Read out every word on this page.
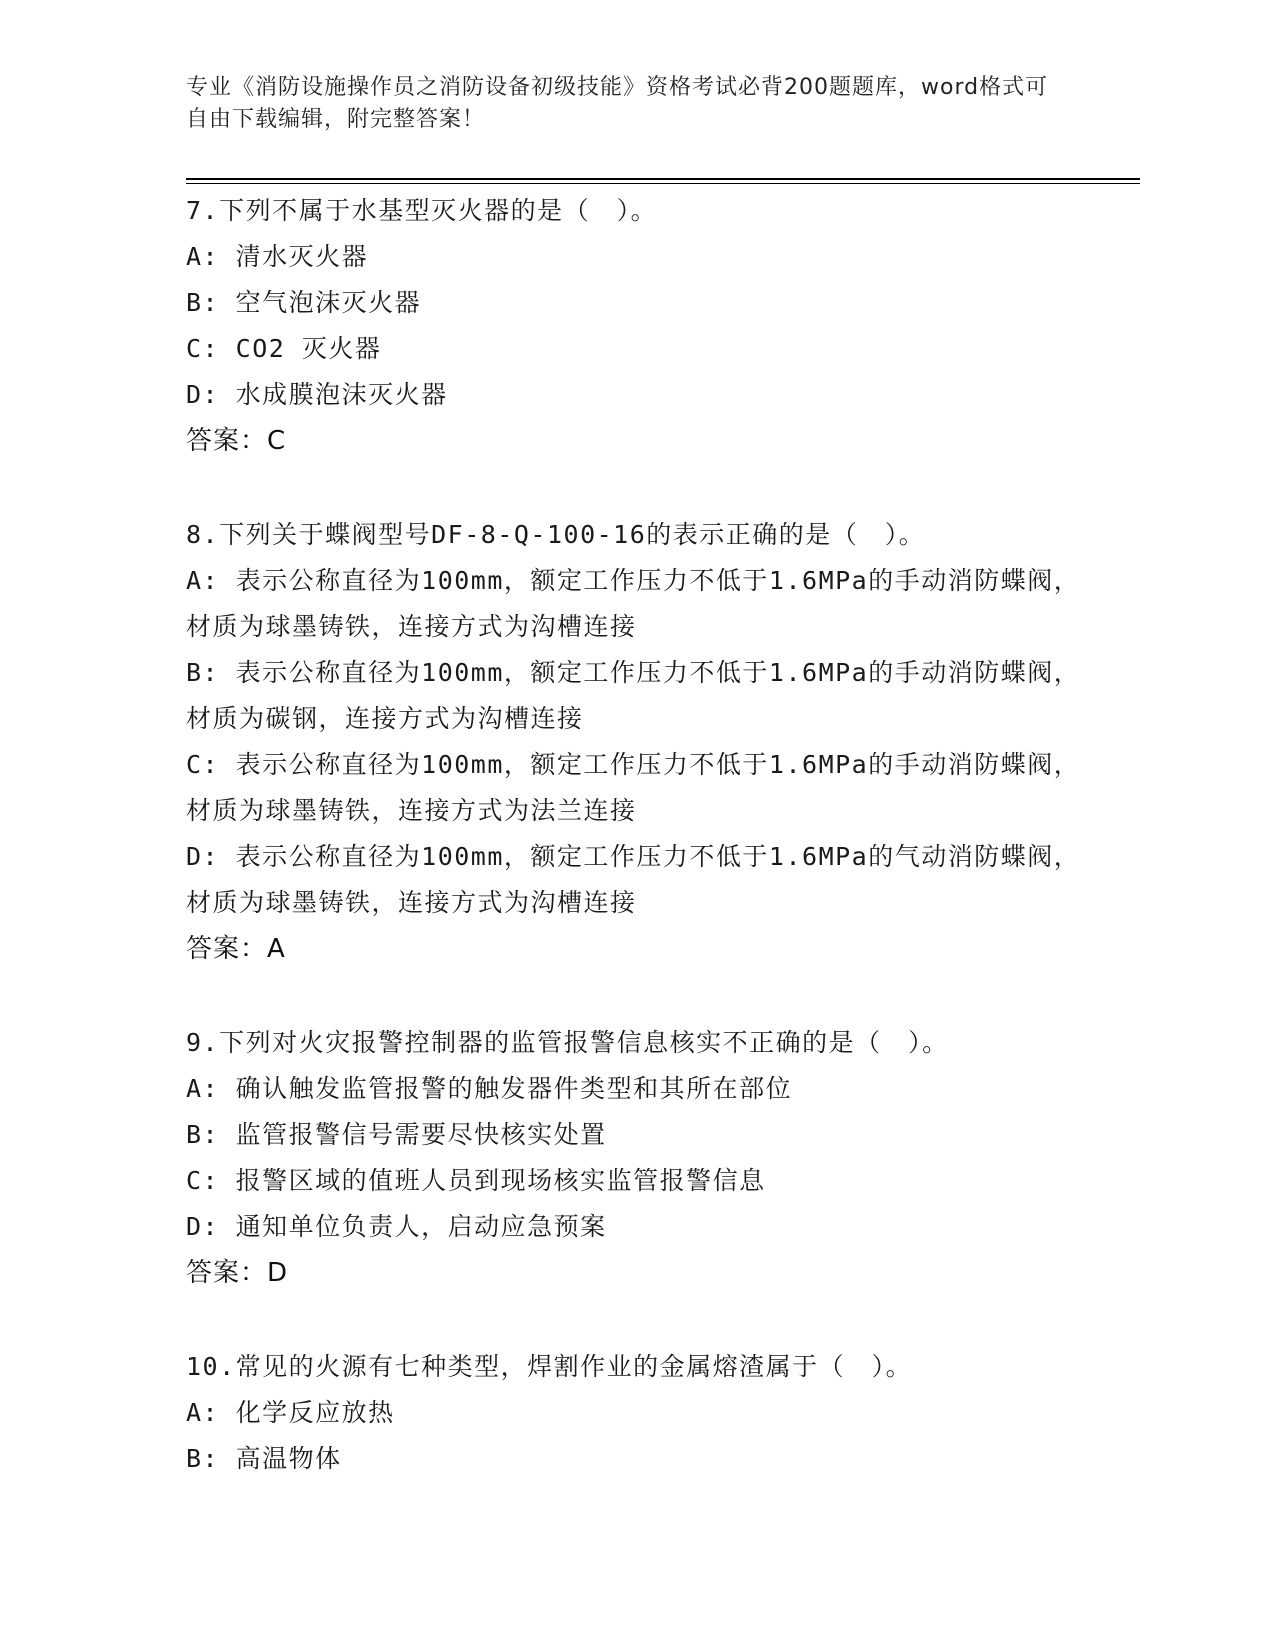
专业《消防设施操作员之消防设备初级技能》资格考试必背200题题库，word格式可自由下载编辑，附完整答案！
7.下列不属于水基型灭火器的是（　）。
A: 清水灭火器
B: 空气泡沫灭火器
C: CO2 灭火器
D: 水成膜泡沫灭火器
答案：C
8.下列关于蝶阀型号DF-8-Q-100-16的表示正确的是（　）。
A: 表示公称直径为100mm，额定工作压力不低于1.6MPa的手动消防蝶阀，材质为球墨铸铁，连接方式为沟槽连接
B: 表示公称直径为100mm，额定工作压力不低于1.6MPa的手动消防蝶阀，材质为碳钢，连接方式为沟槽连接
C: 表示公称直径为100mm，额定工作压力不低于1.6MPa的手动消防蝶阀，材质为球墨铸铁，连接方式为法兰连接
D: 表示公称直径为100mm，额定工作压力不低于1.6MPa的气动消防蝶阀，材质为球墨铸铁，连接方式为沟槽连接
答案：A
9.下列对火灾报警控制器的监管报警信息核实不正确的是（　）。
A: 确认触发监管报警的触发器件类型和其所在部位
B: 监管报警信号需要尽快核实处置
C: 报警区域的值班人员到现场核实监管报警信息
D: 通知单位负责人，启动应急预案
答案：D
10.常见的火源有七种类型，焊割作业的金属熔渣属于（　）。
A: 化学反应放热
B: 高温物体
